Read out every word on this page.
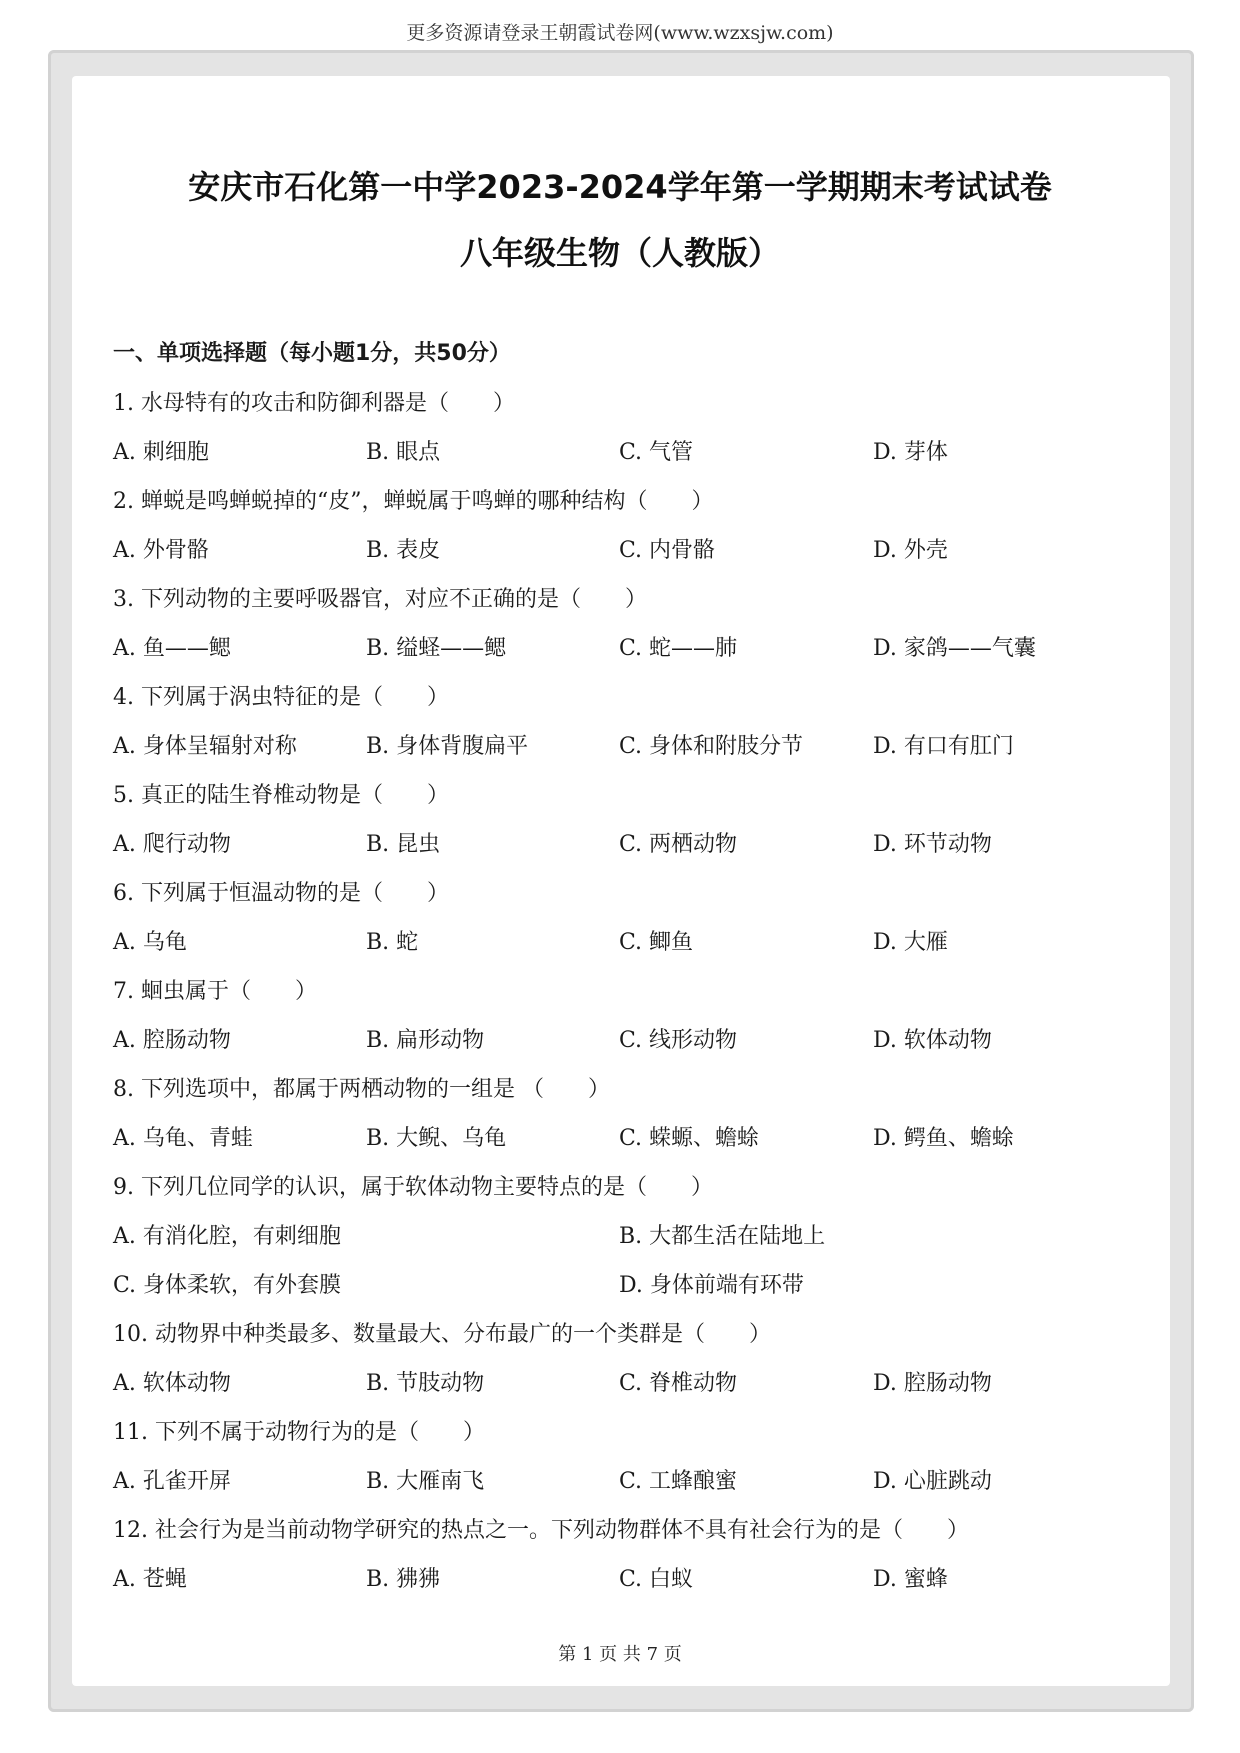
更多资源请登录王朝霞试卷网(www.wzxsjw.com)
安庆市石化第一中学2023-2024学年第一学期期末考试试卷
八年级生物（人教版）
一、单项选择题（每小题1分，共50分）
1. 水母特有的攻击和防御利器是（　　）
A. 刺细胞	B. 眼点	C. 气管	D. 芽体
2. 蝉蜕是鸣蝉蜕掉的“皮”，蝉蜕属于鸣蝉的哪种结构（　　）
A. 外骨骼	B. 表皮	C. 内骨骼	D. 外壳
3. 下列动物的主要呼吸器官，对应不正确的是（　　）
A. 鱼——鳃	B. 缢蛏——鳃	C. 蛇——肺	D. 家鸽——气囊
4. 下列属于涡虫特征的是（　　）
A. 身体呈辐射对称	B. 身体背腹扁平	C. 身体和附肢分节	D. 有口有肛门
5. 真正的陆生脊椎动物是（　　）
A. 爬行动物	B. 昆虫	C. 两栖动物	D. 环节动物
6. 下列属于恒温动物的是（　　）
A. 乌龟	B. 蛇	C. 鲫鱼	D. 大雁
7. 蛔虫属于（　　）
A. 腔肠动物	B. 扁形动物	C. 线形动物	D. 软体动物
8. 下列选项中，都属于两栖动物的一组是 （　　）
A. 乌龟、青蛙	B. 大鲵、乌龟	C. 蝾螈、蟾蜍	D. 鳄鱼、蟾蜍
9. 下列几位同学的认识，属于软体动物主要特点的是（　　）
A. 有消化腔，有刺细胞	B. 大都生活在陆地上
C. 身体柔软，有外套膜	D. 身体前端有环带
10. 动物界中种类最多、数量最大、分布最广的一个类群是（　　）
A. 软体动物	B. 节肢动物	C. 脊椎动物	D. 腔肠动物
11. 下列不属于动物行为的是（　　）
A. 孔雀开屏	B. 大雁南飞	C. 工蜂酿蜜	D. 心脏跳动
12. 社会行为是当前动物学研究的热点之一。下列动物群体不具有社会行为的是（　　）
A. 苍蝇	B. 狒狒	C. 白蚁	D. 蜜蜂
第 1 页 共 7 页
